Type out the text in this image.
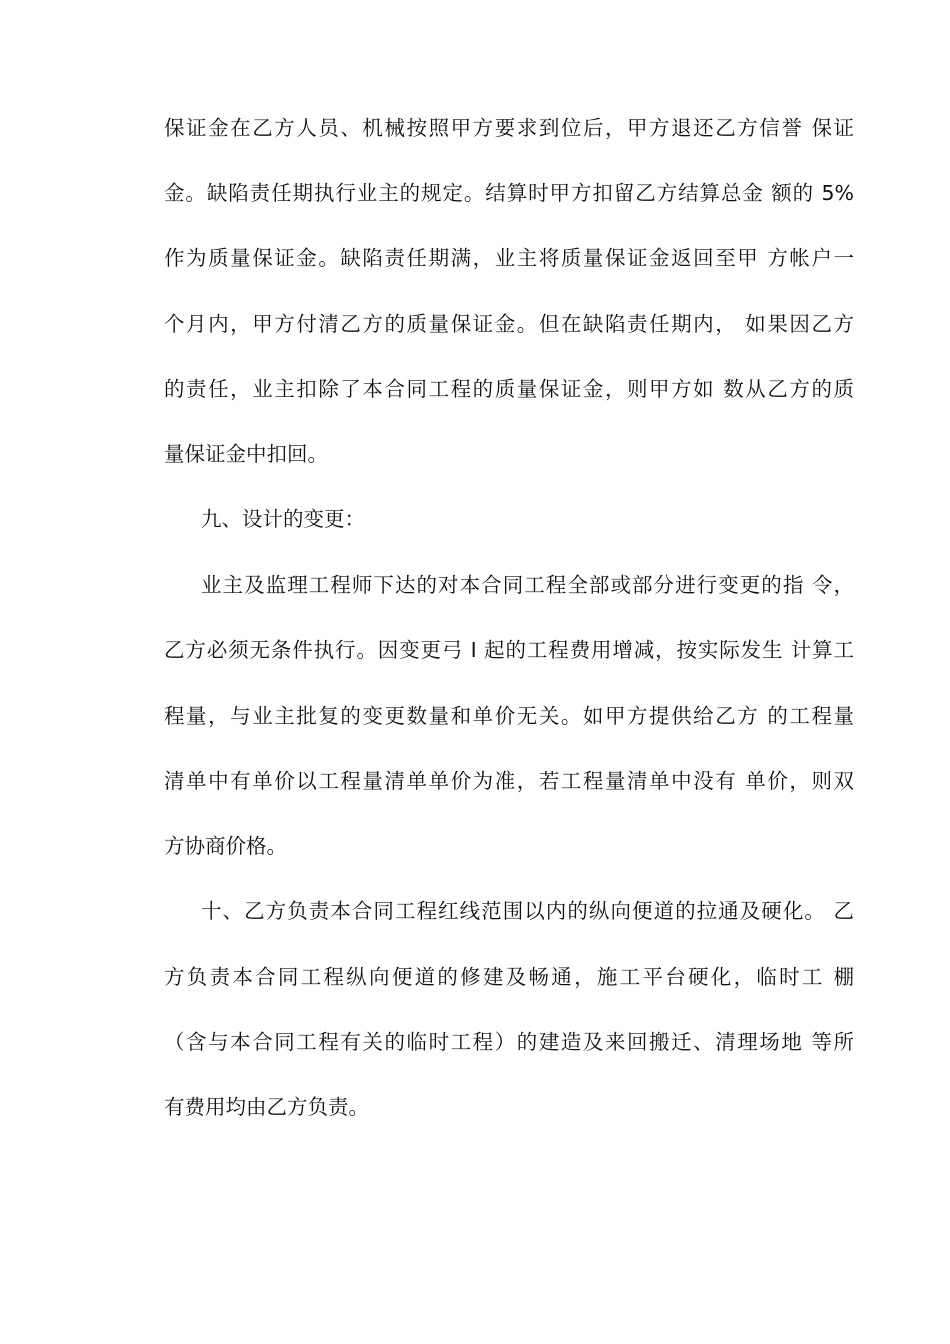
保证金在乙方人员、机械按照甲方要求到位后，甲方退还乙方信誉 保证
金。缺陷责任期执行业主的规定。结算时甲方扣留乙方结算总金 额的 5%
作为质量保证金。缺陷责任期满，业主将质量保证金返回至甲 方帐户一
个月内，甲方付清乙方的质量保证金。但在缺陷责任期内， 如果因乙方
的责任，业主扣除了本合同工程的质量保证金，则甲方如 数从乙方的质
量保证金中扣回。
九、设计的变更：
业主及监理工程师下达的对本合同工程全部或部分进行变更的指 令，
乙方必须无条件执行。因变更弓 I 起的工程费用增减，按实际发生 计算工
程量，与业主批复的变更数量和单价无关。如甲方提供给乙方 的工程量
清单中有单价以工程量清单单价为准，若工程量清单中没有 单价，则双
方协商价格。
十、乙方负责本合同工程红线范围以内的纵向便道的拉通及硬化。 乙
方负责本合同工程纵向便道的修建及畅通，施工平台硬化，临时工 棚
（含与本合同工程有关的临时工程）的建造及来回搬迁、清理场地 等所
有费用均由乙方负责。
